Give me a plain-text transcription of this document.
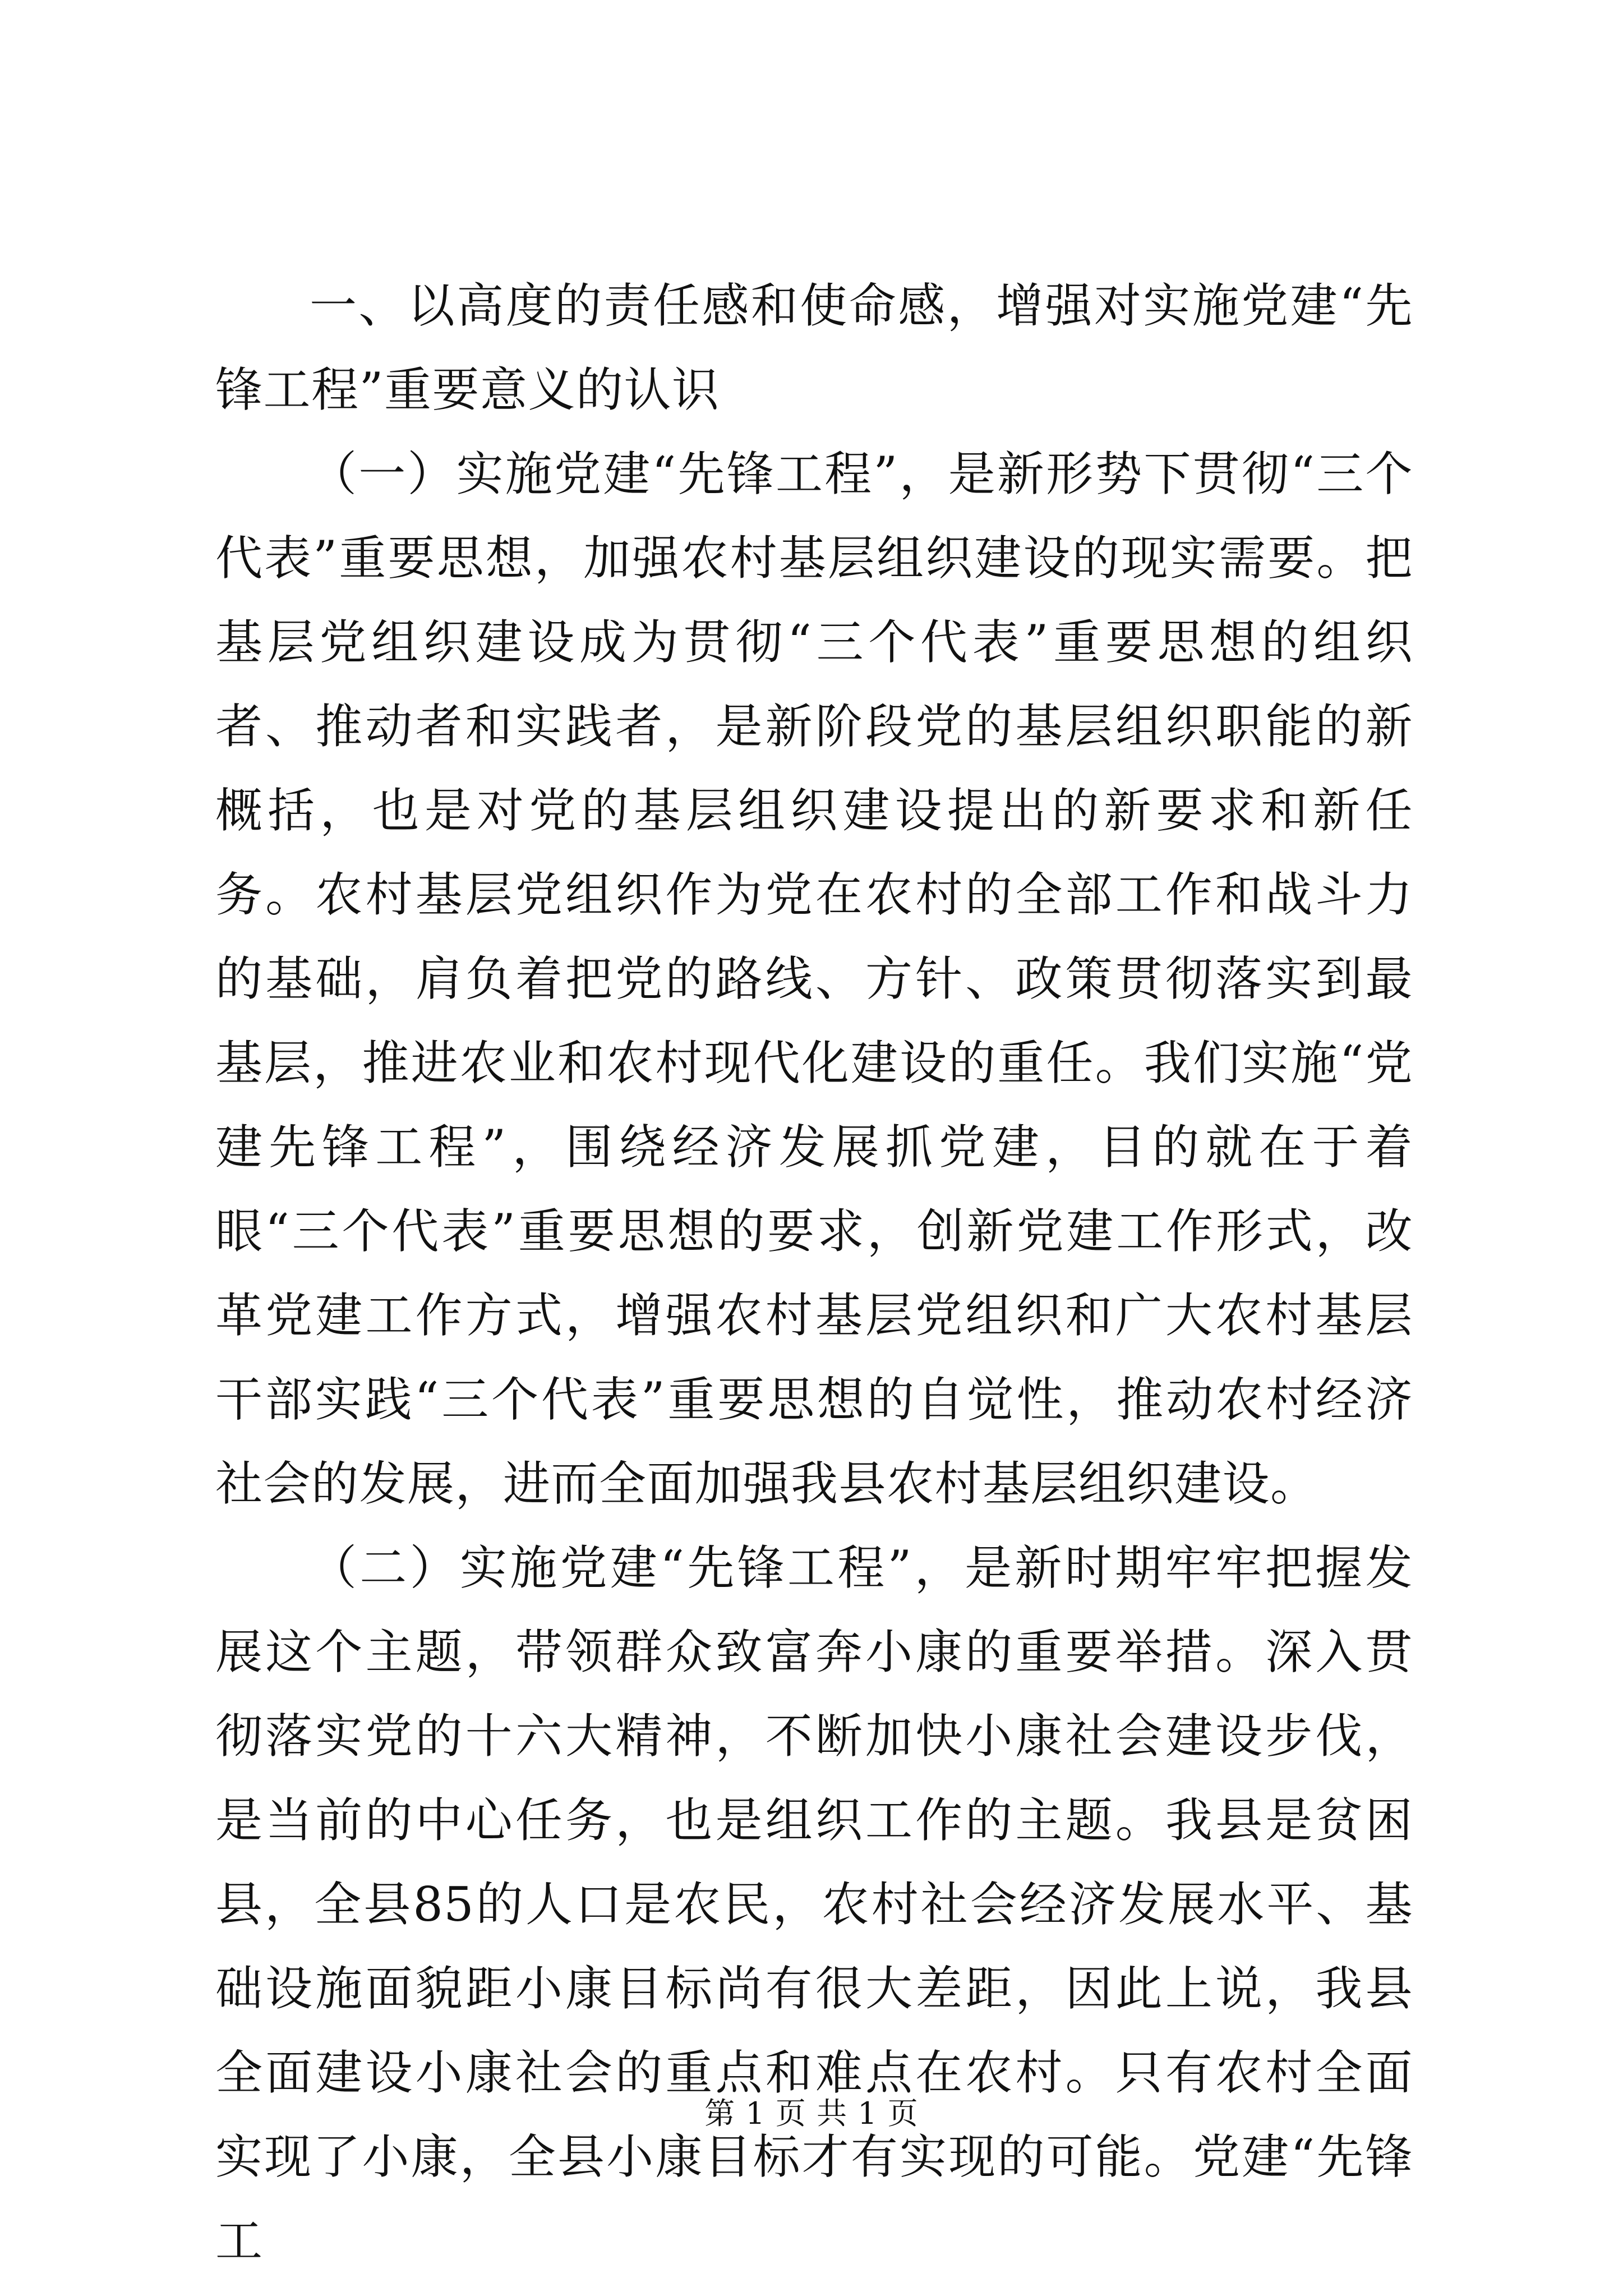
一、以高度的责任感和使命感，增强对实施党建“先锋工程”重要意义的认识

（一）实施党建“先锋工程”，是新形势下贯彻“三个代表”重要思想，加强农村基层组织建设的现实需要。把基层党组织建设成为贯彻“三个代表”重要思想的组织者、推动者和实践者，是新阶段党的基层组织职能的新概括，也是对党的基层组织建设提出的新要求和新任务。农村基层党组织作为党在农村的全部工作和战斗力的基础，肩负着把党的路线、方针、政策贯彻落实到最基层，推进农业和农村现代化建设的重任。我们实施“党建先锋工程”，围绕经济发展抓党建，目的就在于着眼“三个代表”重要思想的要求，创新党建工作形式，改革党建工作方式，增强农村基层党组织和广大农村基层干部实践“三个代表”重要思想的自觉性，推动农村经济社会的发展，进而全面加强我县农村基层组织建设。

（二）实施党建“先锋工程”，是新时期牢牢把握发展这个主题，带领群众致富奔小康的重要举措。深入贯彻落实党的十六大精神，不断加快小康社会建设步伐，是当前的中心任务，也是组织工作的主题。我县是贫困县，全县85的人口是农民，农村社会经济发展水平、基础设施面貌距小康目标尚有很大差距，因此上说，我县全面建设小康社会的重点和难点在农村。只有农村全面实现了小康，全县小康目标才有实现的可能。党建“先锋工

第 1 页 共 1 页
